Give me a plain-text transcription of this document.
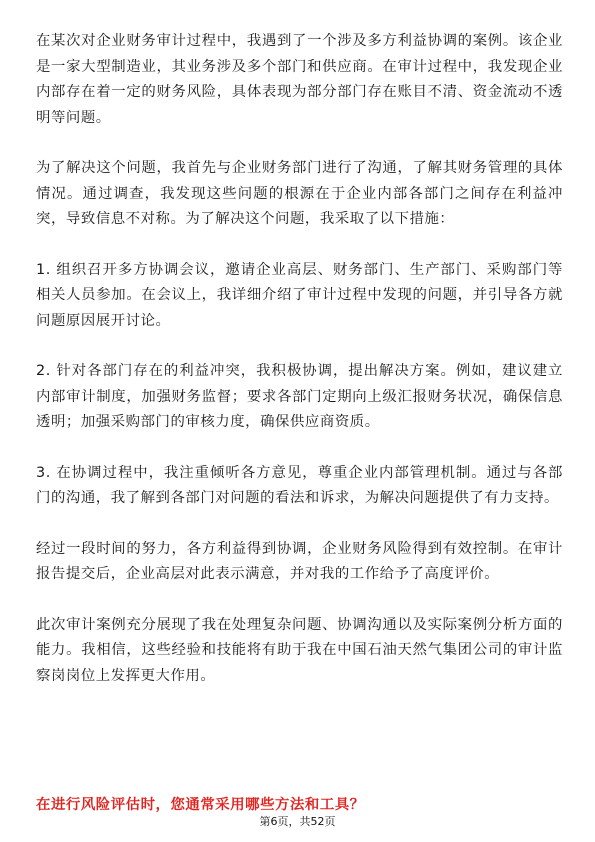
在某次对企业财务审计过程中，我遇到了一个涉及多方利益协调的案例。该企业是一家大型制造业，其业务涉及多个部门和供应商。在审计过程中，我发现企业内部存在着一定的财务风险，具体表现为部分部门存在账目不清、资金流动不透明等问题。

为了解决这个问题，我首先与企业财务部门进行了沟通，了解其财务管理的具体情况。通过调查，我发现这些问题的根源在于企业内部各部门之间存在利益冲突，导致信息不对称。为了解决这个问题，我采取了以下措施：

1. 组织召开多方协调会议，邀请企业高层、财务部门、生产部门、采购部门等相关人员参加。在会议上，我详细介绍了审计过程中发现的问题，并引导各方就问题原因展开讨论。

2. 针对各部门存在的利益冲突，我积极协调，提出解决方案。例如，建议建立内部审计制度，加强财务监督；要求各部门定期向上级汇报财务状况，确保信息透明；加强采购部门的审核力度，确保供应商资质。

3. 在协调过程中，我注重倾听各方意见，尊重企业内部管理机制。通过与各部门的沟通，我了解到各部门对问题的看法和诉求，为解决问题提供了有力支持。

经过一段时间的努力，各方利益得到协调，企业财务风险得到有效控制。在审计报告提交后，企业高层对此表示满意，并对我的工作给予了高度评价。

此次审计案例充分展现了我在处理复杂问题、协调沟通以及实际案例分析方面的能力。我相信，这些经验和技能将有助于我在中国石油天然气集团公司的审计监察岗岗位上发挥更大作用。

在进行风险评估时，您通常采用哪些方法和工具？

第6页，共52页
